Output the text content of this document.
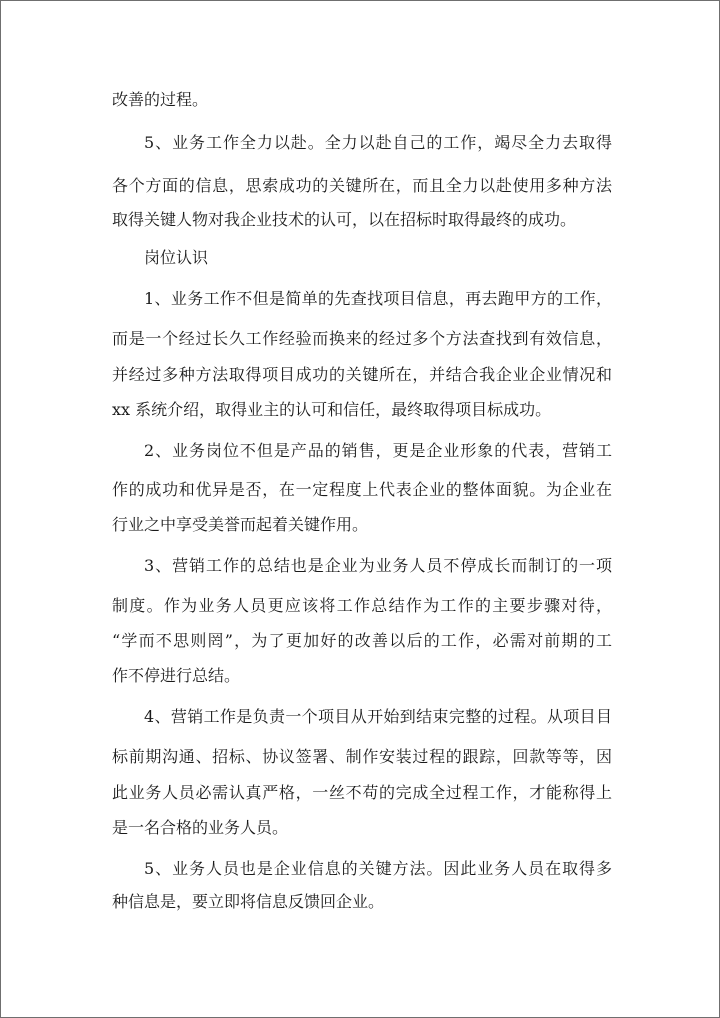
改善的过程。
5、业务工作全力以赴。全力以赴自己的工作，竭尽全力去取得
各个方面的信息，思索成功的关键所在，而且全力以赴使用多种方法
取得关键人物对我企业技术的认可，以在招标时取得最终的成功。
岗位认识
1、业务工作不但是简单的先查找项目信息，再去跑甲方的工作，
而是一个经过长久工作经验而换来的经过多个方法查找到有效信息，
并经过多种方法取得项目成功的关键所在，并结合我企业企业情况和
xx 系统介绍，取得业主的认可和信任，最终取得项目标成功。
2、业务岗位不但是产品的销售，更是企业形象的代表，营销工
作的成功和优异是否，在一定程度上代表企业的整体面貌。为企业在
行业之中享受美誉而起着关键作用。
3、营销工作的总结也是企业为业务人员不停成长而制订的一项
制度。作为业务人员更应该将工作总结作为工作的主要步骤对待，
“学而不思则罔”，为了更加好的改善以后的工作，必需对前期的工
作不停进行总结。
4、营销工作是负责一个项目从开始到结束完整的过程。从项目目
标前期沟通、招标、协议签署、制作安装过程的跟踪，回款等等，因
此业务人员必需认真严格，一丝不苟的完成全过程工作，才能称得上
是一名合格的业务人员。
5、业务人员也是企业信息的关键方法。因此业务人员在取得多
种信息是，要立即将信息反馈回企业。
